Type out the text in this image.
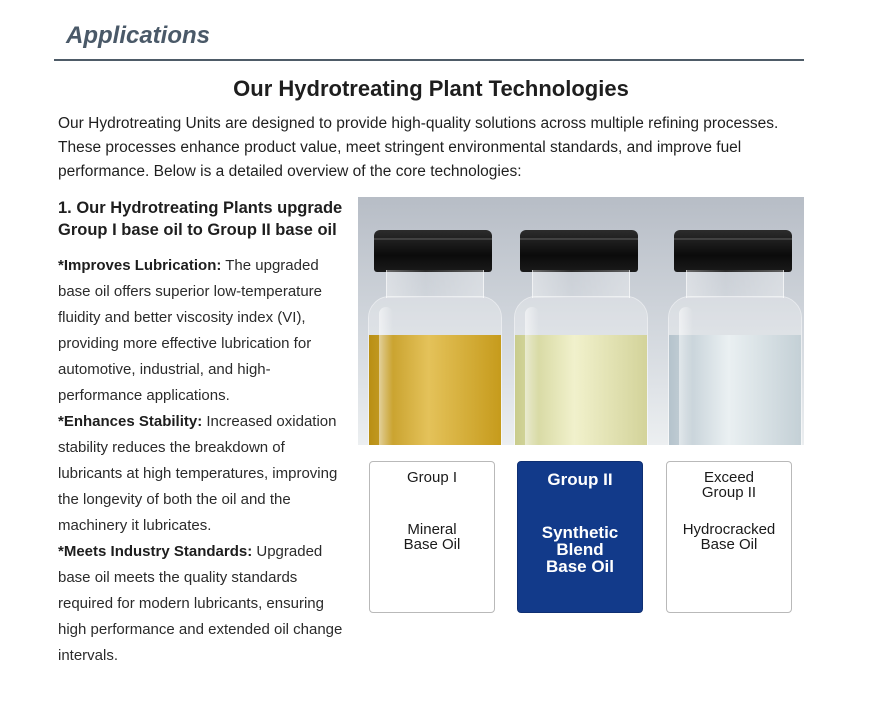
Applications
Our Hydrotreating Plant Technologies
Our Hydrotreating Units are designed to provide high-quality solutions across multiple refining processes. These processes enhance product value, meet stringent environmental standards, and improve fuel performance. Below is a detailed overview of the core technologies:
1. Our Hydrotreating Plants upgrade Group I base oil to Group II base oil
*Improves Lubrication: The upgraded base oil offers superior low-temperature fluidity and better viscosity index (VI), providing more effective lubrication for automotive, industrial, and high-performance applications.
*Enhances Stability: Increased oxidation stability reduces the breakdown of lubricants at high temperatures, improving the longevity of both the oil and the machinery it lubricates.
*Meets Industry Standards: Upgraded base oil meets the quality standards required for modern lubricants, ensuring high performance and extended oil change intervals.
Group I
Mineral
Base Oil
Group II
Synthetic
Blend
Base Oil
Exceed
Group II
Hydrocracked
Base Oil
